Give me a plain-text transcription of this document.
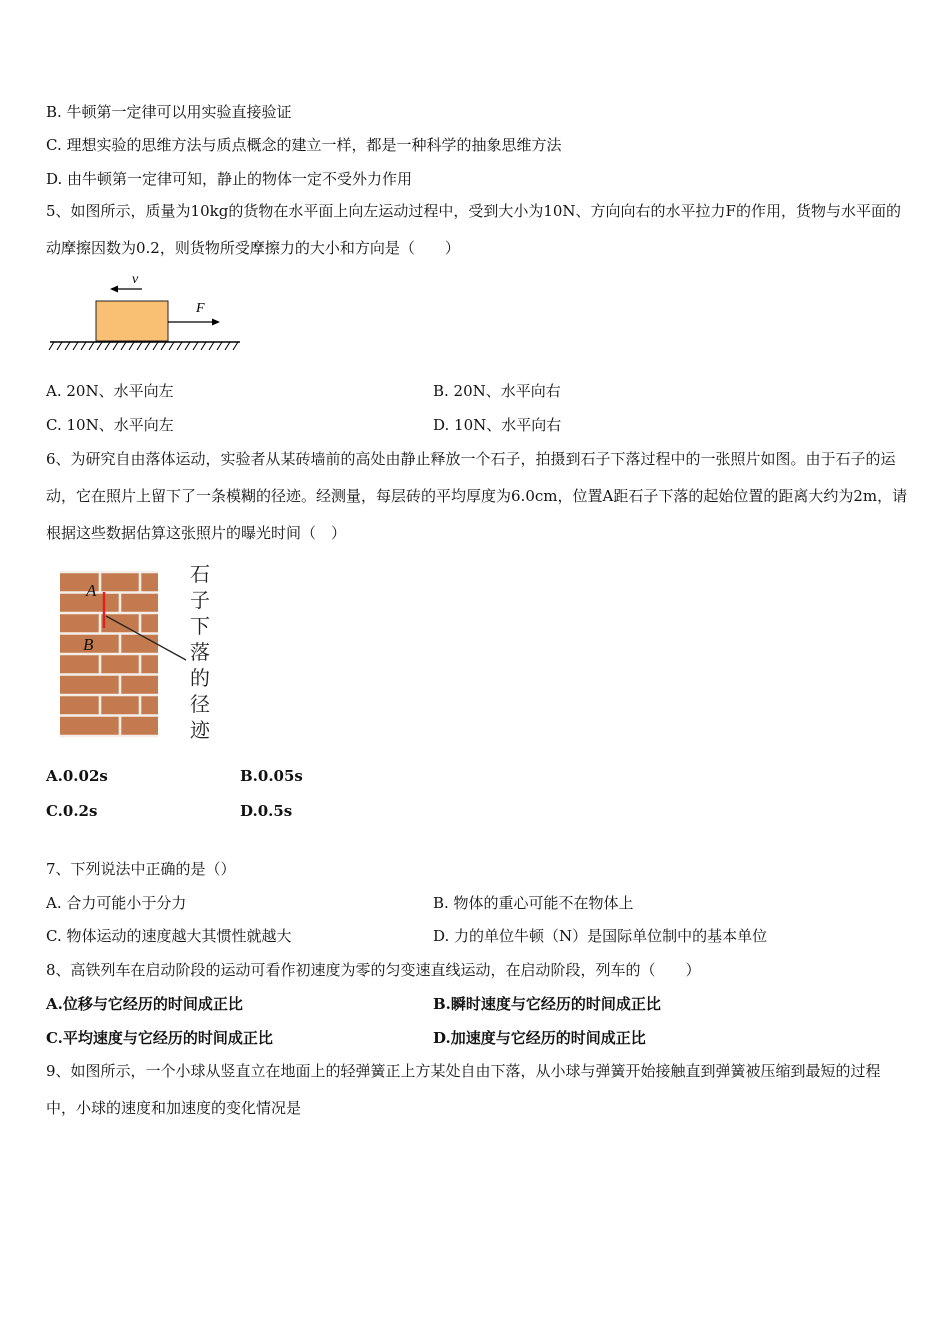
B. 牛顿第一定律可以用实验直接验证
C. 理想实验的思维方法与质点概念的建立一样，都是一种科学的抽象思维方法
D. 由牛顿第一定律可知，静止的物体一定不受外力作用
5、如图所示，质量为10kg的货物在水平面上向左运动过程中，受到大小为10N、方向向右的水平拉力F的作用，货物与水平面的动摩擦因数为0.2，则货物所受摩擦力的大小和方向是（　　）
v
F
A. 20N、水平向左	B. 20N、水平向右
C. 10N、水平向左	D. 10N、水平向右
6、为研究自由落体运动，实验者从某砖墙前的高处由静止释放一个石子，拍摄到石子下落过程中的一张照片如图。由于石子的运动，它在照片上留下了一条模糊的径迹。经测量，每层砖的平均厚度为6.0cm，位置A距石子下落的起始位置的距离大约为2m，请根据这些数据估算这张照片的曝光时间（　）
A
B
石
子
下
落
的
径
迹
A.0.02s	B.0.05s
C.0.2s	D.0.5s
7、下列说法中正确的是（）
A. 合力可能小于分力	B. 物体的重心可能不在物体上
C. 物体运动的速度越大其惯性就越大	D. 力的单位牛顿（N）是国际单位制中的基本单位
8、高铁列车在启动阶段的运动可看作初速度为零的匀变速直线运动，在启动阶段，列车的（　　）
A.位移与它经历的时间成正比	B.瞬时速度与它经历的时间成正比
C.平均速度与它经历的时间成正比	D.加速度与它经历的时间成正比
9、如图所示，一个小球从竖直立在地面上的轻弹簧正上方某处自由下落，从小球与弹簧开始接触直到弹簧被压缩到最短的过程中，小球的速度和加速度的变化情况是
